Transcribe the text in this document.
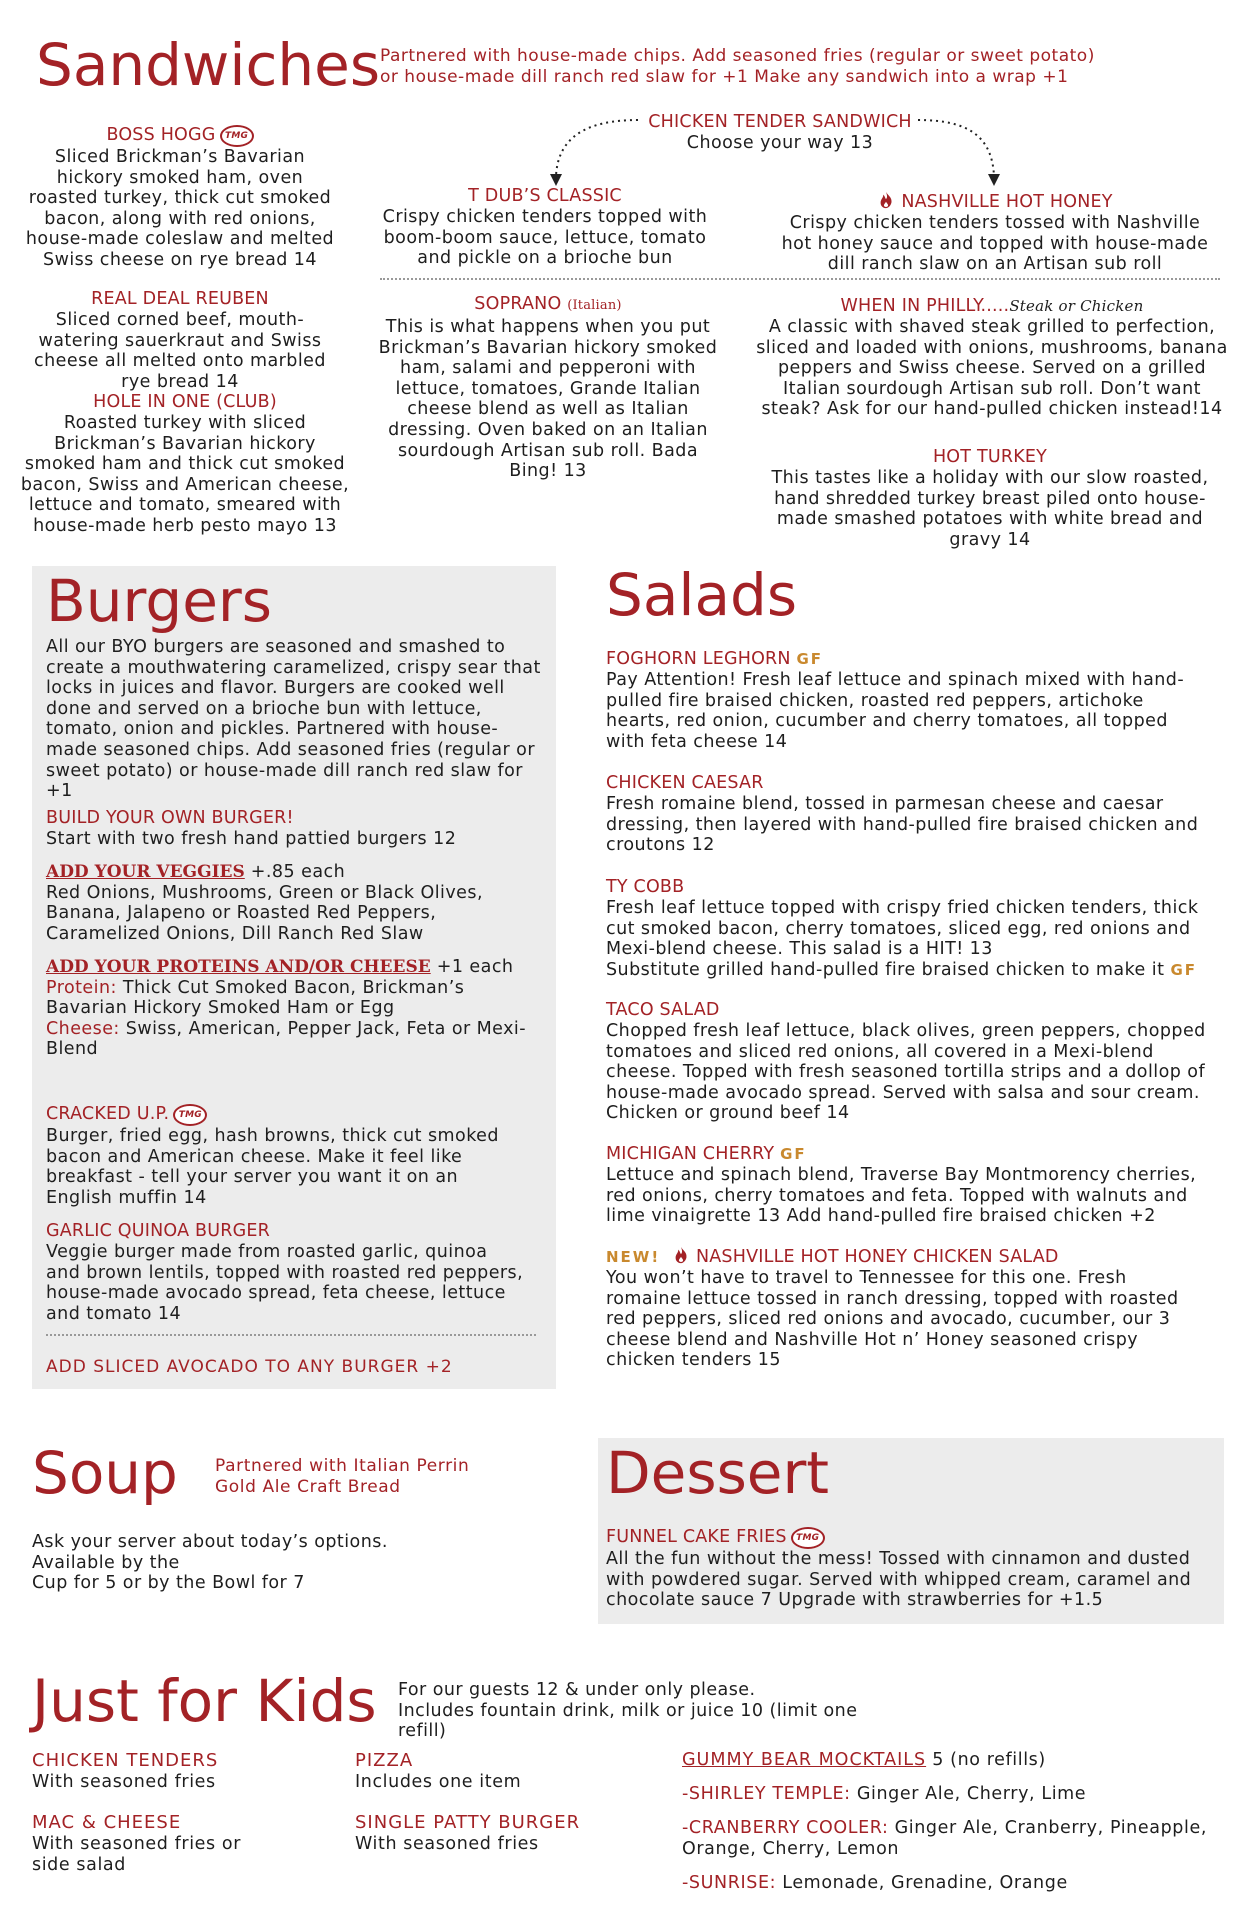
Sandwiches Partnered with house-made chips. Add seasoned fries (regular or sweet potato)
or house-made dill ranch red slaw for +1 Make any sandwich into a wrap +1
BOSS HOGG TMG
Sliced Brickman’s Bavarian hickory smoked ham, oven roasted turkey, thick cut smoked bacon, along with red onions, house-made coleslaw and melted Swiss cheese on rye bread 14
REAL DEAL REUBEN
Sliced corned beef, mouth-watering sauerkraut and Swiss cheese all melted onto marbled rye bread 14
HOLE IN ONE (CLUB)
Roasted turkey with sliced Brickman’s Bavarian hickory smoked ham and thick cut smoked bacon, Swiss and American cheese, lettuce and tomato, smeared with house-made herb pesto mayo 13
CHICKEN TENDER SANDWICH
Choose your way 13
T DUB’S CLASSIC
Crispy chicken tenders topped with boom-boom sauce, lettuce, tomato and pickle on a brioche bun
NASHVILLE HOT HONEY
Crispy chicken tenders tossed with Nashville hot honey sauce and topped with house-made dill ranch slaw on an Artisan sub roll
SOPRANO (Italian)
This is what happens when you put Brickman’s Bavarian hickory smoked ham, salami and pepperoni with lettuce, tomatoes, Grande Italian cheese blend as well as Italian dressing. Oven baked on an Italian sourdough Artisan sub roll. Bada Bing! 13
WHEN IN PHILLY.....Steak or Chicken
A classic with shaved steak grilled to perfection, sliced and loaded with onions, mushrooms, banana peppers and Swiss cheese. Served on a grilled Italian sourdough Artisan sub roll. Don’t want steak? Ask for our hand-pulled chicken instead!14
HOT TURKEY
This tastes like a holiday with our slow roasted, hand shredded turkey breast piled onto house-made smashed potatoes with white bread and gravy 14
Burgers
All our BYO burgers are seasoned and smashed to create a mouthwatering caramelized, crispy sear that locks in juices and flavor. Burgers are cooked well done and served on a brioche bun with lettuce, tomato, onion and pickles. Partnered with house-made seasoned chips. Add seasoned fries (regular or sweet potato) or house-made dill ranch red slaw for +1
BUILD YOUR OWN BURGER!
Start with two fresh hand pattied burgers 12
ADD YOUR VEGGIES +.85 each
Red Onions, Mushrooms, Green or Black Olives, Banana, Jalapeno or Roasted Red Peppers, Caramelized Onions, Dill Ranch Red Slaw
ADD YOUR PROTEINS AND/OR CHEESE +1 each
Protein: Thick Cut Smoked Bacon, Brickman’s Bavarian Hickory Smoked Ham or Egg
Cheese: Swiss, American, Pepper Jack, Feta or Mexi-Blend
CRACKED U.P. TMG
Burger, fried egg, hash browns, thick cut smoked bacon and American cheese. Make it feel like breakfast - tell your server you want it on an English muffin 14
GARLIC QUINOA BURGER
Veggie burger made from roasted garlic, quinoa and brown lentils, topped with roasted red peppers, house-made avocado spread, feta cheese, lettuce and tomato 14
ADD SLICED AVOCADO TO ANY BURGER +2
Salads
FOGHORN LEGHORN GF
Pay Attention! Fresh leaf lettuce and spinach mixed with hand-pulled fire braised chicken, roasted red peppers, artichoke hearts, red onion, cucumber and cherry tomatoes, all topped with feta cheese 14
CHICKEN CAESAR
Fresh romaine blend, tossed in parmesan cheese and caesar dressing, then layered with hand-pulled fire braised chicken and croutons 12
TY COBB
Fresh leaf lettuce topped with crispy fried chicken tenders, thick cut smoked bacon, cherry tomatoes, sliced egg, red onions and Mexi-blend cheese. This salad is a HIT! 13
Substitute grilled hand-pulled fire braised chicken to make it GF
TACO SALAD
Chopped fresh leaf lettuce, black olives, green peppers, chopped tomatoes and sliced red onions, all covered in a Mexi-blend cheese. Topped with fresh seasoned tortilla strips and a dollop of house-made avocado spread. Served with salsa and sour cream. Chicken or ground beef 14
MICHIGAN CHERRY GF
Lettuce and spinach blend, Traverse Bay Montmorency cherries, red onions, cherry tomatoes and feta. Topped with walnuts and lime vinaigrette 13 Add hand-pulled fire braised chicken +2
NEW! NASHVILLE HOT HONEY CHICKEN SALAD
You won’t have to travel to Tennessee for this one. Fresh romaine lettuce tossed in ranch dressing, topped with roasted red peppers, sliced red onions and avocado, cucumber, our 3 cheese blend and Nashville Hot n’ Honey seasoned crispy chicken tenders 15
Soup Partnered with Italian Perrin
Gold Ale Craft Bread
Ask your server about today’s options.
Available by the
Cup for 5 or by the Bowl for 7
Dessert
FUNNEL CAKE FRIES TMG
All the fun without the mess! Tossed with cinnamon and dusted with powdered sugar. Served with whipped cream, caramel and chocolate sauce 7 Upgrade with strawberries for +1.5
Just for Kids For our guests 12 & under only please.
Includes fountain drink, milk or juice 10 (limit one refill)
CHICKEN TENDERS
With seasoned fries
MAC & CHEESE
With seasoned fries or side salad
PIZZA
Includes one item
SINGLE PATTY BURGER
With seasoned fries
GUMMY BEAR MOCKTAILS 5 (no refills)
-SHIRLEY TEMPLE: Ginger Ale, Cherry, Lime
-CRANBERRY COOLER: Ginger Ale, Cranberry, Pineapple, Orange, Cherry, Lemon
-SUNRISE: Lemonade, Grenadine, Orange
